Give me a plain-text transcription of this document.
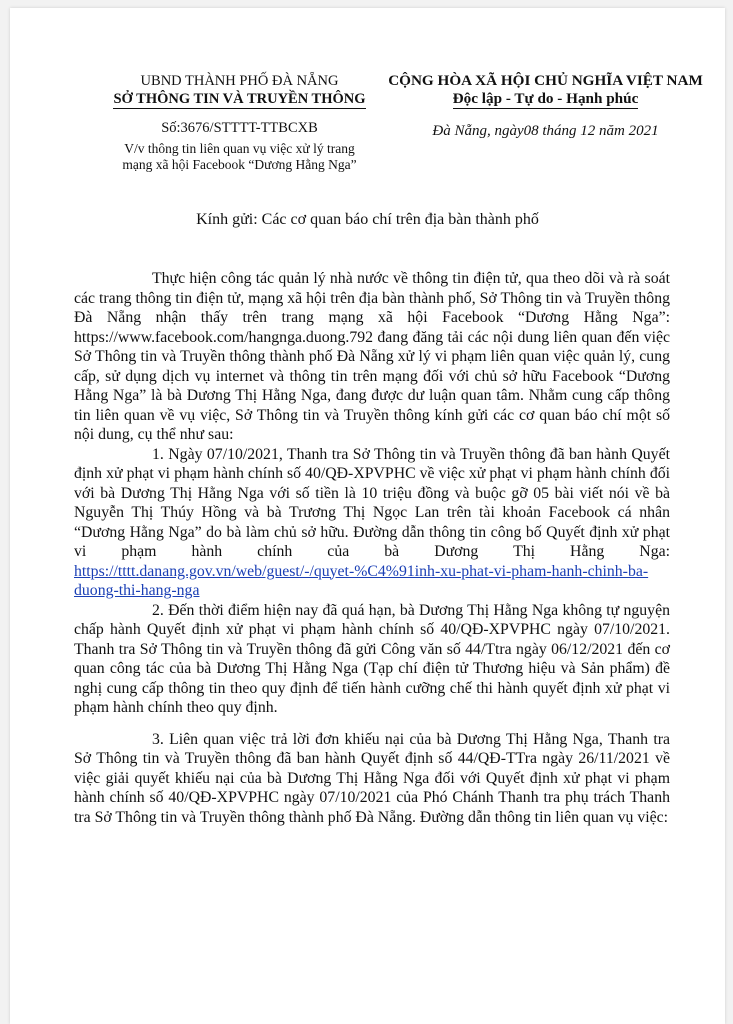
UBND THÀNH PHỐ ĐÀ NẴNG
SỞ THÔNG TIN VÀ TRUYỀN THÔNG
Số:3676/STTTT-TTBCXB
V/v thông tin liên quan vụ việc xử lý trang
mạng xã hội Facebook “Dương Hằng Nga”
CỘNG HÒA XÃ HỘI CHỦ NGHĨA VIỆT NAM
Độc lập - Tự do - Hạnh phúc
Đà Nẵng, ngày08 tháng 12 năm 2021
Kính gửi: Các cơ quan báo chí trên địa bàn thành phố

Thực hiện công tác quản lý nhà nước về thông tin điện tử, qua theo dõi và rà soát các trang thông tin điện tử, mạng xã hội trên địa bàn thành phố, Sở Thông tin và Truyền thông Đà Nẵng nhận thấy trên trang mạng xã hội Facebook “Dương Hằng Nga”: https://www.facebook.com/hangnga.duong.792 đang đăng tải các nội dung liên quan đến việc Sở Thông tin và Truyền thông thành phố Đà Nẵng xử lý vi phạm liên quan việc quản lý, cung cấp, sử dụng dịch vụ internet và thông tin trên mạng đối với chủ sở hữu Facebook “Dương Hằng Nga” là bà Dương Thị Hằng Nga, đang được dư luận quan tâm. Nhằm cung cấp thông tin liên quan về vụ việc, Sở Thông tin và Truyền thông kính gửi các cơ quan báo chí một số nội dung, cụ thể như sau:

1. Ngày 07/10/2021, Thanh tra Sở Thông tin và Truyền thông đã ban hành Quyết định xử phạt vi phạm hành chính số 40/QĐ-XPVPHC về việc xử phạt vi phạm hành chính đối với bà Dương Thị Hằng Nga với số tiền là 10 triệu đồng và buộc gỡ 05 bài viết nói về bà Nguyễn Thị Thúy Hồng và bà Trương Thị Ngọc Lan trên tài khoản Facebook cá nhân “Dương Hằng Nga” do bà làm chủ sở hữu. Đường dẫn thông tin công bố Quyết định xử phạt vi phạm hành chính của bà Dương Thị Hằng Nga: https://tttt.danang.gov.vn/web/guest/-/quyet-%C4%91inh-xu-phat-vi-pham-hanh-chinh-ba-duong-thi-hang-nga

2. Đến thời điểm hiện nay đã quá hạn, bà Dương Thị Hằng Nga không tự nguyện chấp hành Quyết định xử phạt vi phạm hành chính số 40/QĐ-XPVPHC ngày 07/10/2021. Thanh tra Sở Thông tin và Truyền thông đã gửi Công văn số 44/Ttra ngày 06/12/2021 đến cơ quan công tác của bà Dương Thị Hằng Nga (Tạp chí điện tử Thương hiệu và Sản phẩm) đề nghị cung cấp thông tin theo quy định để tiến hành cưỡng chế thi hành quyết định xử phạt vi phạm hành chính theo quy định.

3. Liên quan việc trả lời đơn khiếu nại của bà Dương Thị Hằng Nga, Thanh tra Sở Thông tin và Truyền thông đã ban hành Quyết định số 44/QĐ-TTra ngày 26/11/2021 về việc giải quyết khiếu nại của bà Dương Thị Hằng Nga đối với Quyết định xử phạt vi phạm hành chính số 40/QĐ-XPVPHC ngày 07/10/2021 của Phó Chánh Thanh tra phụ trách Thanh tra Sở Thông tin và Truyền thông thành phố Đà Nẵng. Đường dẫn thông tin liên quan vụ việc:
